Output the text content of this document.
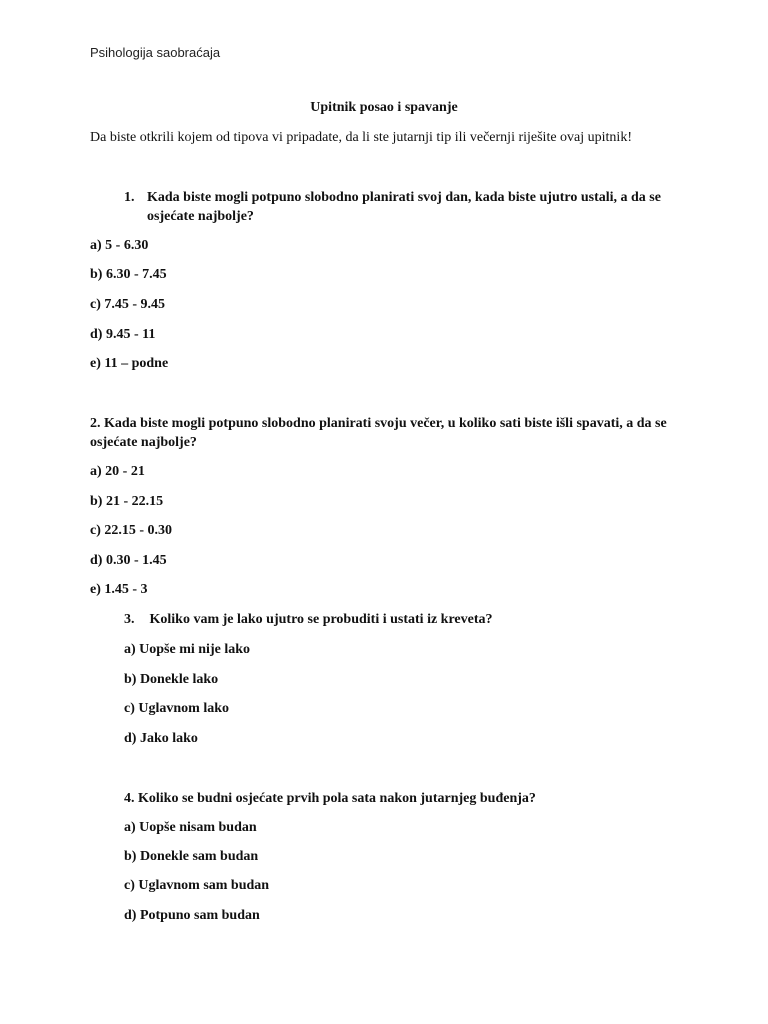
Psihologija saobraćaja
Upitnik posao i spavanje
Da biste otkrili kojem od tipova vi pripadate, da li ste jutarnji tip ili večernji riješite ovaj upitnik!
1. Kada biste mogli potpuno slobodno planirati svoj dan, kada biste ujutro ustali, a da se osjećate najbolje?
a) 5 - 6.30
b) 6.30 - 7.45
c) 7.45 - 9.45
d) 9.45 - 11
e) 11 – podne
2. Kada biste mogli potpuno slobodno planirati svoju večer, u koliko sati biste išli spavati, a da se osjećate najbolje?
a) 20 - 21
b) 21 - 22.15
c) 22.15 - 0.30
d) 0.30 - 1.45
e) 1.45 - 3
3. Koliko vam je lako ujutro se probuditi i ustati iz kreveta?
a) Uopše mi nije lako
b) Donekle lako
c) Uglavnom lako
d) Jako lako
4. Koliko se budni osjećate prvih pola sata nakon jutarnjeg buđenja?
a) Uopše nisam budan
b) Donekle sam budan
c) Uglavnom sam budan
d) Potpuno sam budan
